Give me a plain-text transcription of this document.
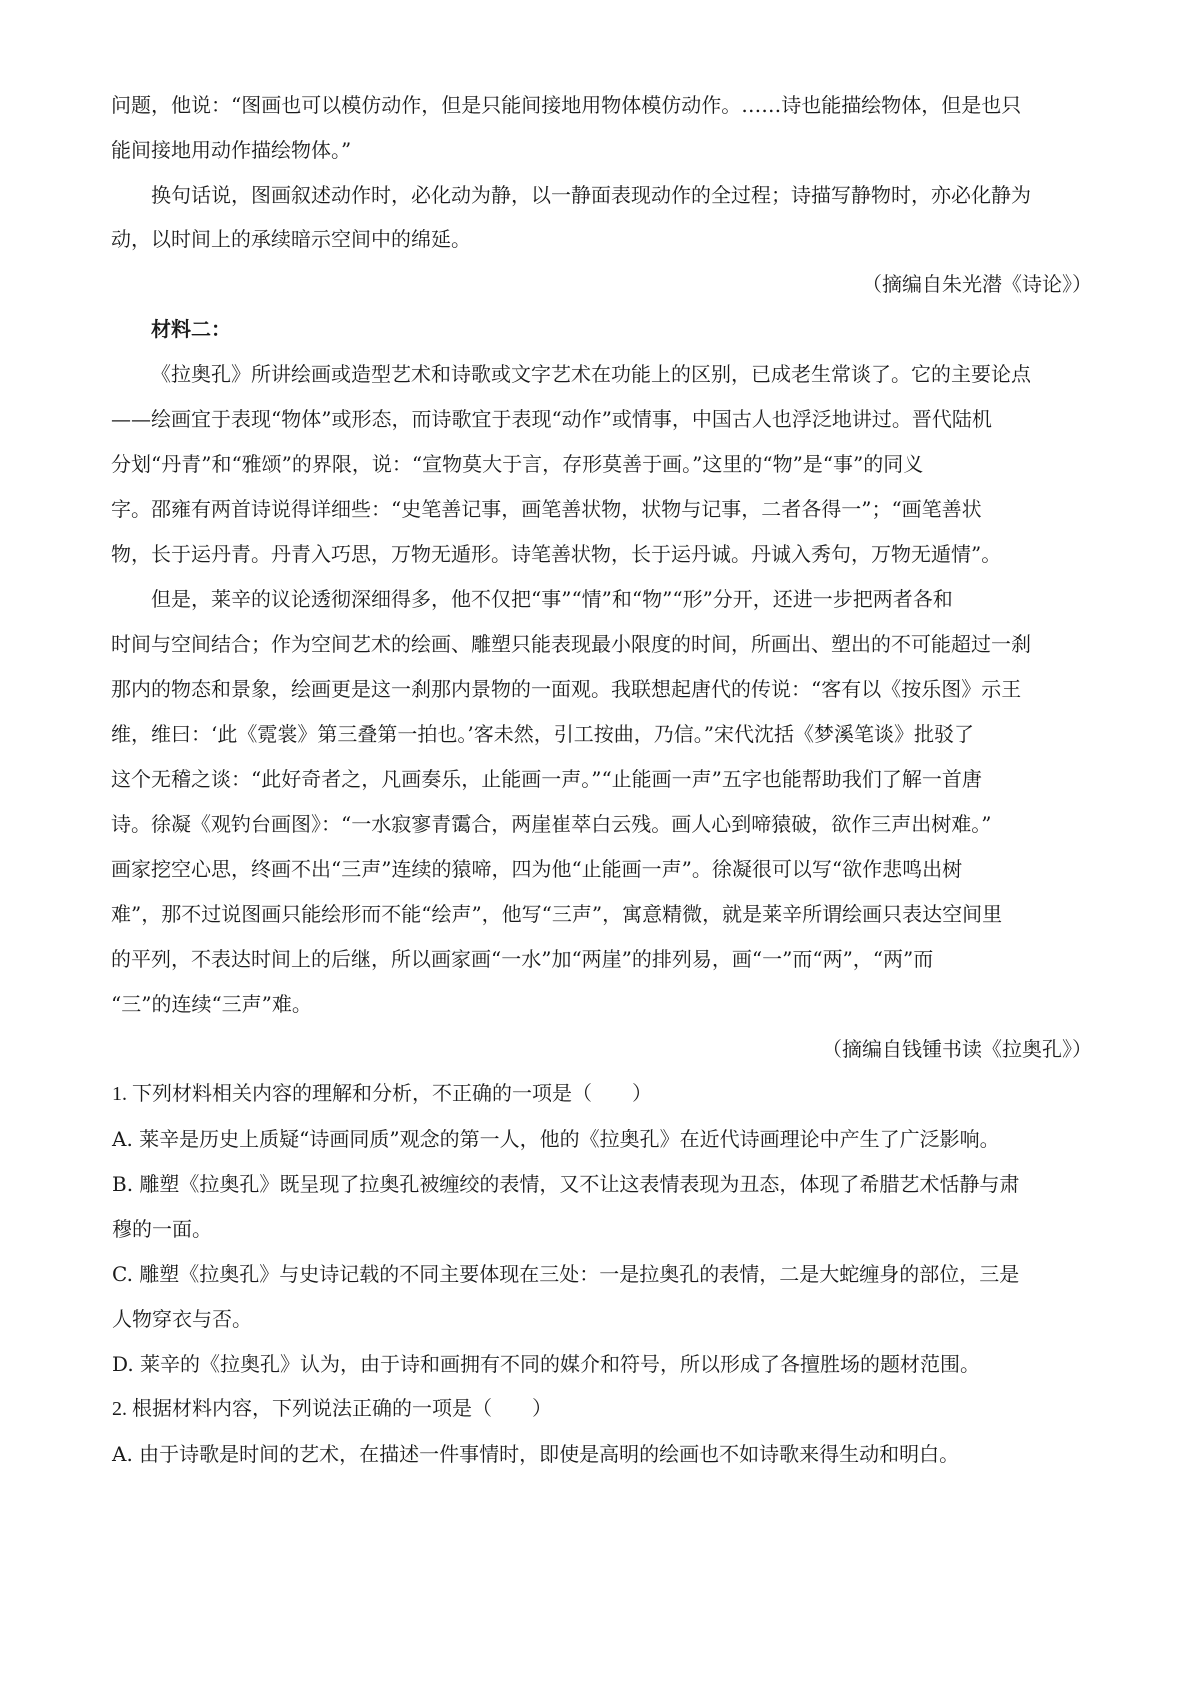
问题，他说：“图画也可以模仿动作，但是只能间接地用物体模仿动作。……诗也能描绘物体，但是也只
能间接地用动作描绘物体。”
换句话说，图画叙述动作时，必化动为静，以一静面表现动作的全过程；诗描写静物时，亦必化静为
动，以时间上的承续暗示空间中的绵延。
（摘编自朱光潜《诗论》）
材料二：
《拉奥孔》所讲绘画或造型艺术和诗歌或文字艺术在功能上的区别，已成老生常谈了。它的主要论点
——绘画宜于表现“物体”或形态，而诗歌宜于表现“动作”或情事，中国古人也浮泛地讲过。晋代陆机
分划“丹青”和“雅颂”的界限，说：“宣物莫大于言，存形莫善于画。”这里的“物”是“事”的同义
字。邵雍有两首诗说得详细些：“史笔善记事，画笔善状物，状物与记事，二者各得一”；“画笔善状
物，长于运丹青。丹青入巧思，万物无遁形。诗笔善状物，长于运丹诚。丹诚入秀句，万物无遁情”。
但是，莱辛的议论透彻深细得多，他不仅把“事”“情”和“物”“形”分开，还进一步把两者各和
时间与空间结合；作为空间艺术的绘画、雕塑只能表现最小限度的时间，所画出、塑出的不可能超过一刹
那内的物态和景象，绘画更是这一刹那内景物的一面观。我联想起唐代的传说：“客有以《按乐图》示王
维，维曰：‘此《霓裳》第三叠第一拍也。’客未然，引工按曲，乃信。”宋代沈括《梦溪笔谈》批驳了
这个无稽之谈：“此好奇者之，凡画奏乐，止能画一声。”“止能画一声”五字也能帮助我们了解一首唐
诗。徐凝《观钓台画图》：“一水寂寥青霭合，两崖崔萃白云残。画人心到啼猿破，欲作三声出树难。”
画家挖空心思，终画不出“三声”连续的猿啼，四为他“止能画一声”。徐凝很可以写“欲作悲鸣出树
难”，那不过说图画只能绘形而不能“绘声”，他写“三声”，寓意精微，就是莱辛所谓绘画只表达空间里
的平列，不表达时间上的后继，所以画家画“一水”加“两崖”的排列易，画“一”而“两”，“两”而
“三”的连续“三声”难。
（摘编自钱锺书读《拉奥孔》）
1. 下列材料相关内容的理解和分析，不正确的一项是（　　）
A. 莱辛是历史上质疑“诗画同质”观念的第一人，他的《拉奥孔》在近代诗画理论中产生了广泛影响。
B. 雕塑《拉奥孔》既呈现了拉奥孔被缠绞的表情，又不让这表情表现为丑态，体现了希腊艺术恬静与肃
穆的一面。
C. 雕塑《拉奥孔》与史诗记载的不同主要体现在三处：一是拉奥孔的表情，二是大蛇缠身的部位，三是
人物穿衣与否。
D. 莱辛的《拉奥孔》认为，由于诗和画拥有不同的媒介和符号，所以形成了各擅胜场的题材范围。
2. 根据材料内容，下列说法正确的一项是（　　）
A. 由于诗歌是时间的艺术，在描述一件事情时，即使是高明的绘画也不如诗歌来得生动和明白。
